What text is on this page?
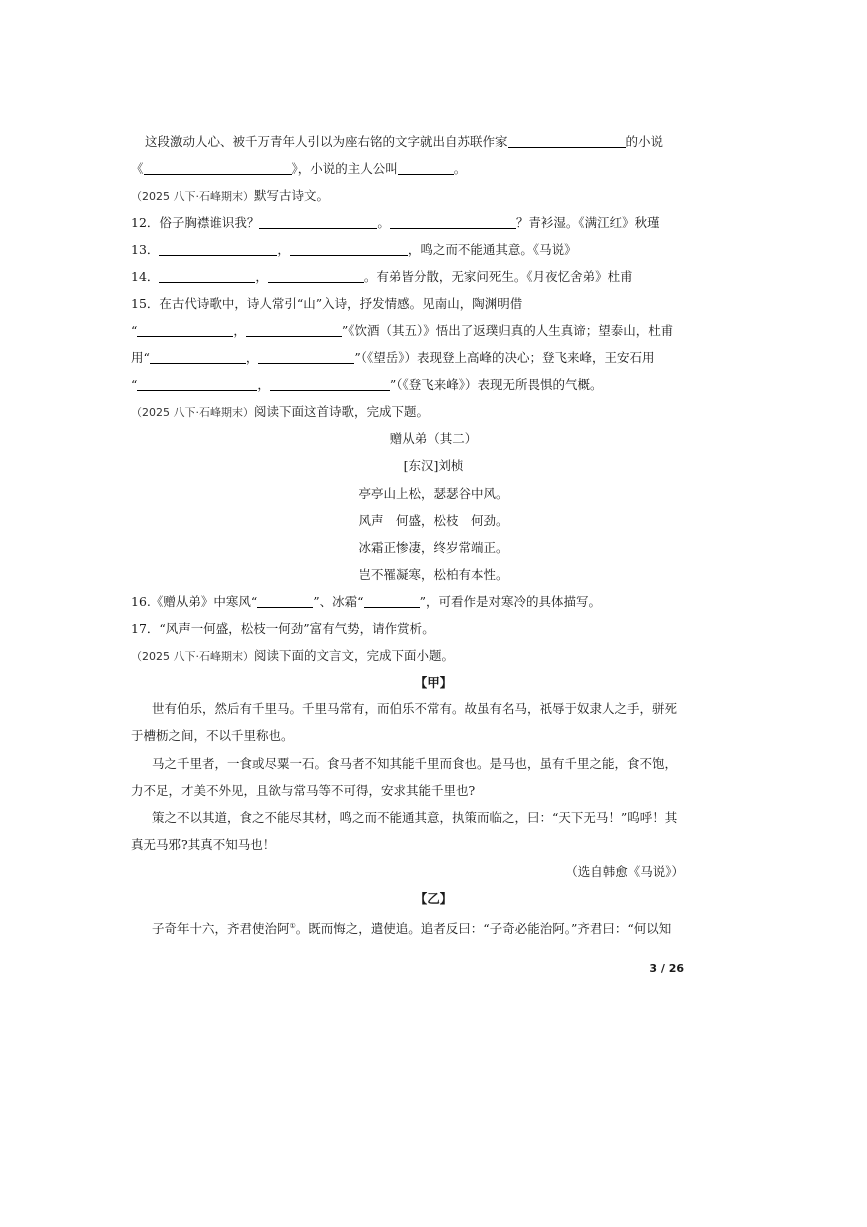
这段激动人心、被千万青年人引以为座右铭的文字就出自苏联作家	的小说
《	》，小说的主人公叫	。
（2025 八下·石峰期末）默写古诗文。
12．俗子胸襟谁识我？	。	？青衫湿。《满江红》秋瑾
13．	，	，鸣之而不能通其意。《马说》
14．	，	。有弟皆分散，无家问死生。《月夜忆舍弟》杜甫
15．在古代诗歌中，诗人常引“山”入诗，抒发情感。见南山，陶渊明借
“	，	”《饮酒（其五）》悟出了返璞归真的人生真谛；望泰山，杜甫
用“	，	”（《望岳》）表现登上高峰的决心；登飞来峰，王安石用
“	，	”（《登飞来峰》）表现无所畏惧的气概。
（2025 八下·石峰期末）阅读下面这首诗歌，完成下题。
赠从弟（其二）
[东汉]刘桢
亭亭山上松，瑟瑟谷中风。
风声　何盛，松枝　何劲。
冰霜正惨凄，终岁常端正。
岂不罹凝寒，松柏有本性。
16.《赠从弟》中寒风“	”、冰霜“	”，可看作是对寒冷的具体描写。
17．“风声一何盛，松枝一何劲”富有气势，请作赏析。
（2025 八下·石峰期末）阅读下面的文言文，完成下面小题。
【甲】
世有伯乐，然后有千里马。千里马常有，而伯乐不常有。故虽有名马，祇辱于奴隶人之手，骈死
于槽枥之间，不以千里称也。
马之千里者，一食或尽粟一石。食马者不知其能千里而食也。是马也，虽有千里之能，食不饱，
力不足，才美不外见，且欲与常马等不可得，安求其能千里也?
策之不以其道，食之不能尽其材，鸣之而不能通其意，执策而临之，曰：“天下无马！”呜呼！其
真无马邪?其真不知马也！
（选自韩愈《马说》）
【乙】
子奇年十六，齐君使治阿①。既而悔之，遣使追。追者反曰：“子奇必能治阿。”齐君曰：“何以知
3 / 26
